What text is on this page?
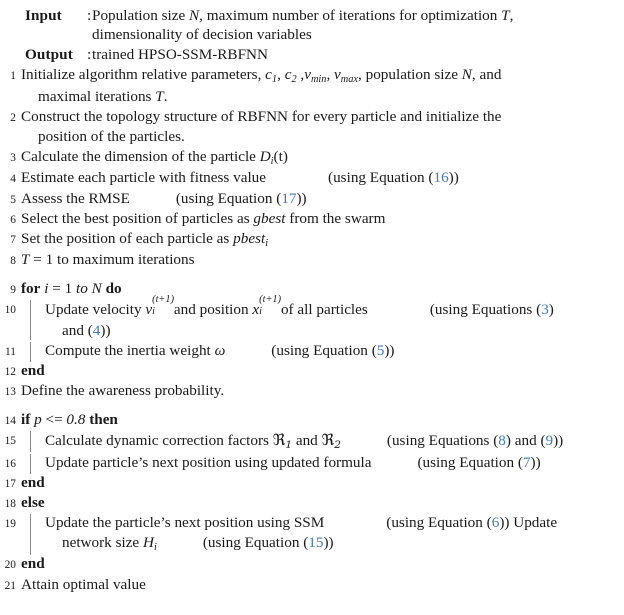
Input	: Population size N, maximum number of iterations for optimization T,
dimensionality of decision variables
Output : trained HPSO-SSM-RBFNN
1 Initialize algorithm relative parameters, $c_1$, $c_2$ $,v_{min}$, $v_{max}$, population size N, and
maximal iterations T.
2 Construct the topology structure of RBFNN for every particle and initialize the
position of the particles.
3 Calculate the dimension of the particle $D_i(t)$
4 Estimate each particle with fitness value	(using Equation (16))
5 Assess the RMSE	(using Equation (17))
6 Select the best position of particles as gbest from the swarm
7 Set the position of each particle as pbest$_i$
8 T = 1 to maximum iterations
9 for i = 1 to N do
10	Update velocity v
(t+1)
i and position x
(t+1)
i of all particles	(using Equations (3)
and (4))
11	Compute the inertia weight ω	(using Equation (5))
12 end
13 Define the awareness probability.
14 if p <= 0.8 then
15	Calculate dynamic correction factors ℜ$_1$ and ℜ$_2$	(using Equations (8) and (9))
16	Update particle’s next position using updated formula	(using Equation (7))
17 end
18 else
19	Update the particle’s next position using SSM	(using Equation (6)) Update
network size $H_i$	(using Equation (15))
20 end
21 Attain optimal value
